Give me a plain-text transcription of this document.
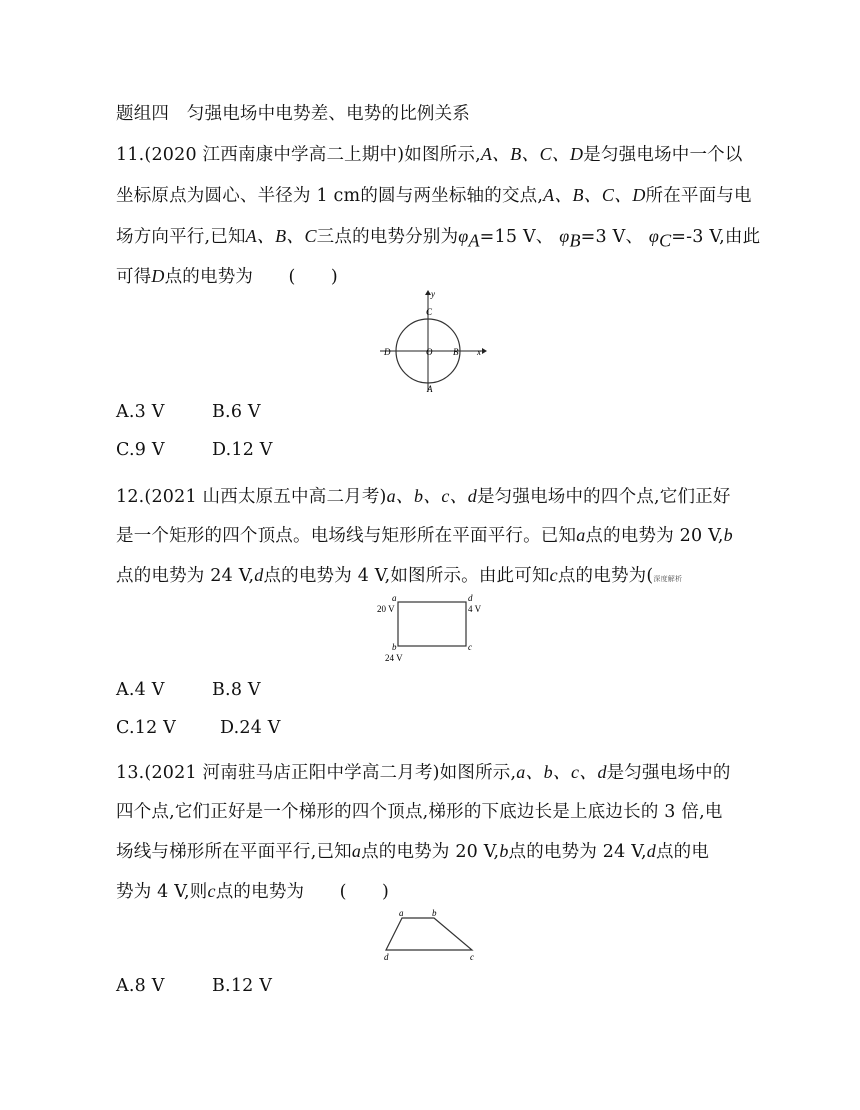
题组四　匀强电场中电势差、电势的比例关系
11.(2020 江西南康中学高二上期中)如图所示,A、B、C、D是匀强电场中一个以
坐标原点为圆心、半径为 1 cm的圆与两坐标轴的交点,A、B、C、D所在平面与电
场方向平行,已知A、B、C三点的电势分别为$\varphi_A=15$ V、 $\varphi_B=3$ V、 $\varphi_C=-3$ V,由此
可得D点的电势为　　(　　)
y
C
D	O B x
A
A.3 V	B.6 V
C.9 V	D.12 V
12.(2021 山西太原五中高二月考)a、b、c、d是匀强电场中的四个点,它们正好
是一个矩形的四个顶点。电场线与矩形所在平面平行。已知a点的电势为 20 V,b
点的电势为 24 V,d点的电势为 4 V,如图所示。由此可知c点的电势为(深度解析
a
20 V
d
4 V
b
24 V
c
A.4 V	B.8 V
C.12 V	D.24 V
13.(2021 河南驻马店正阳中学高二月考)如图所示,a、b、c、d是匀强电场中的
四个点,它们正好是一个梯形的四个顶点,梯形的下底边长是上底边长的 3 倍,电
场线与梯形所在平面平行,已知a点的电势为 20 V,b点的电势为 24 V,d点的电
势为 4 V,则c点的电势为　　(　　)
a	b
d	c
A.8 V	B.12 V
